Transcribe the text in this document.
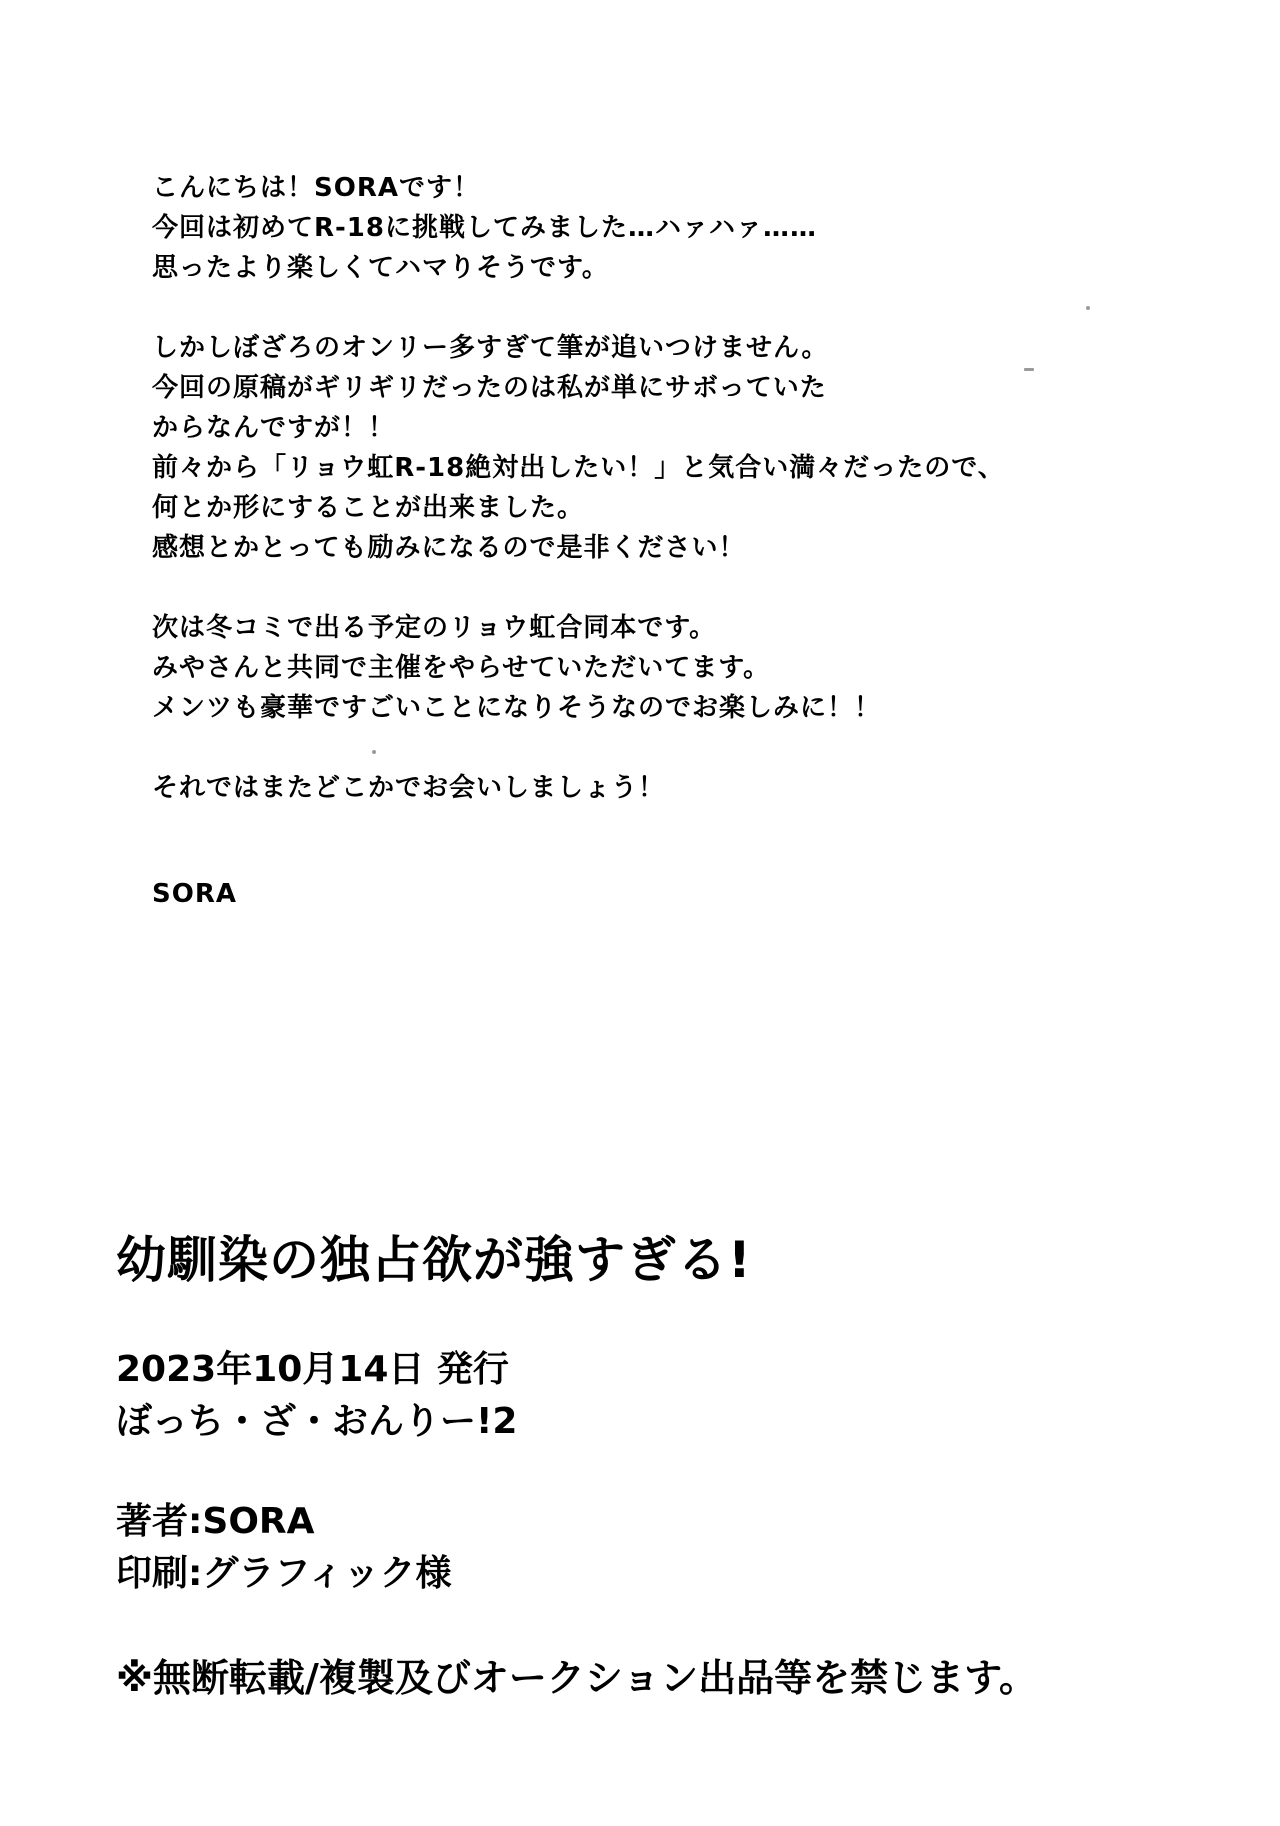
こんにちは！SORAです！
今回は初めてR-18に挑戦してみました…ハァハァ……
思ったより楽しくてハマりそうです。
しかしぼざろのオンリー多すぎて筆が追いつけません。
今回の原稿がギリギリだったのは私が単にサボっていた
からなんですが！！
前々から「リョウ虹R-18絶対出したい！」と気合い満々だったので、
何とか形にすることが出来ました。
感想とかとっても励みになるので是非ください！
次は冬コミで出る予定のリョウ虹合同本です。
みやさんと共同で主催をやらせていただいてます。
メンツも豪華ですごいことになりそうなのでお楽しみに！！
それではまたどこかでお会いしましょう！
SORA
幼馴染の独占欲が強すぎる!
2023年10月14日 発行
ぼっち・ざ・おんりー!2
著者:SORA
印刷:グラフィック様
※無断転載/複製及びオークション出品等を禁じます。
